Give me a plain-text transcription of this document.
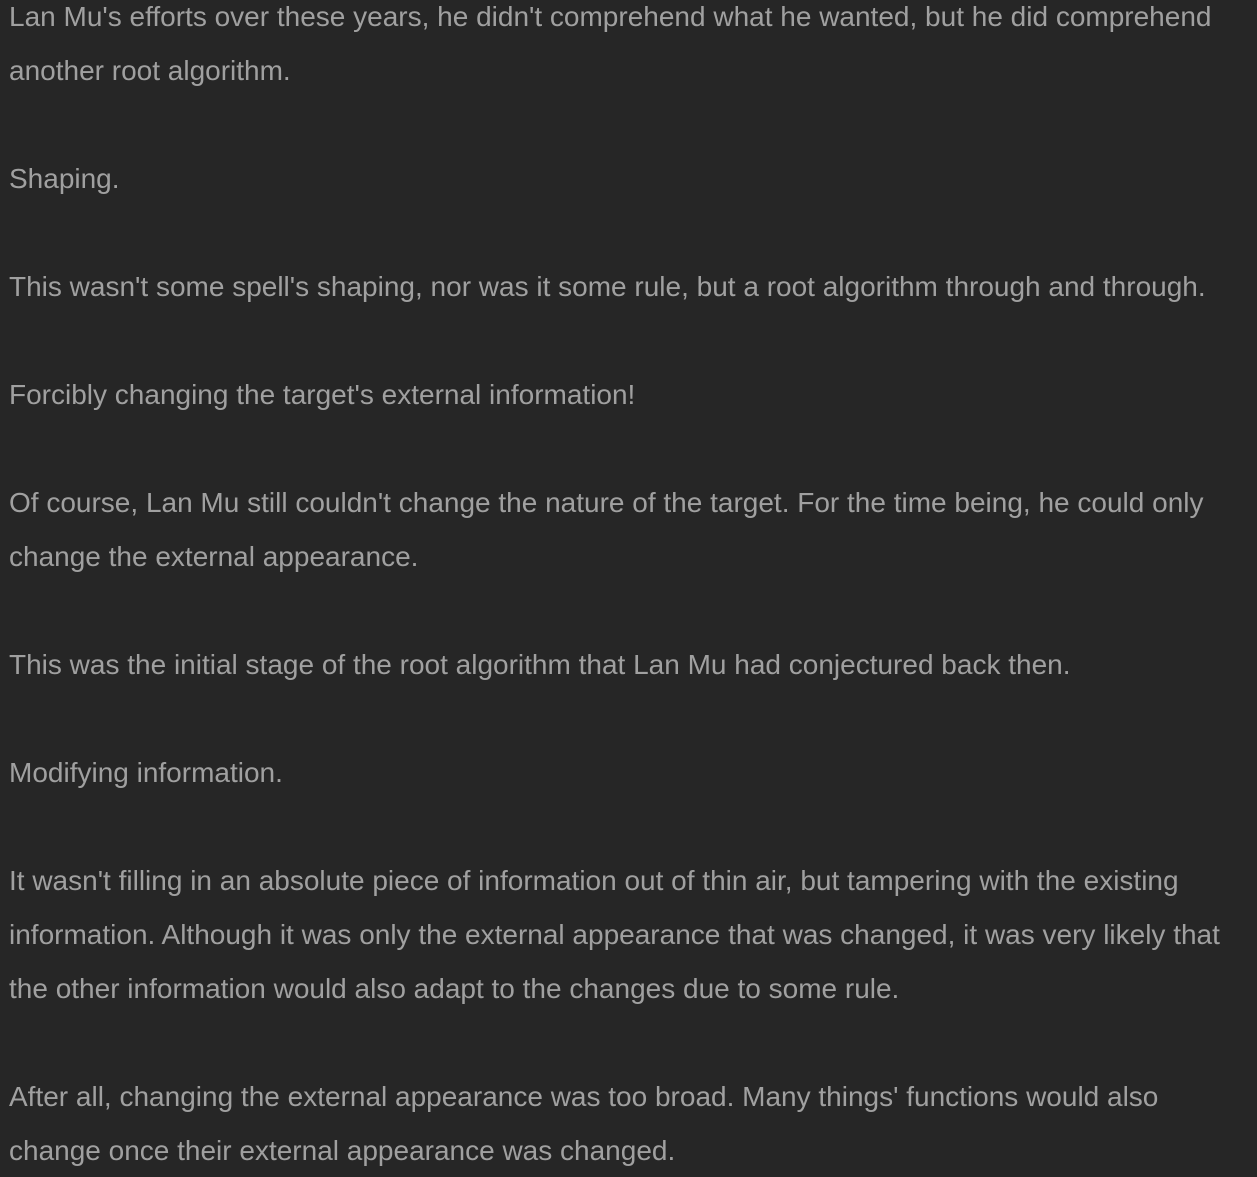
Lan Mu's efforts over these years, he didn't comprehend what he wanted, but he did comprehend another root algorithm.

Shaping.

This wasn't some spell's shaping, nor was it some rule, but a root algorithm through and through.

Forcibly changing the target's external information!

Of course, Lan Mu still couldn't change the nature of the target. For the time being, he could only change the external appearance.

This was the initial stage of the root algorithm that Lan Mu had conjectured back then.

Modifying information.

It wasn't filling in an absolute piece of information out of thin air, but tampering with the existing information. Although it was only the external appearance that was changed, it was very likely that the other information would also adapt to the changes due to some rule.

After all, changing the external appearance was too broad. Many things' functions would also change once their external appearance was changed.
